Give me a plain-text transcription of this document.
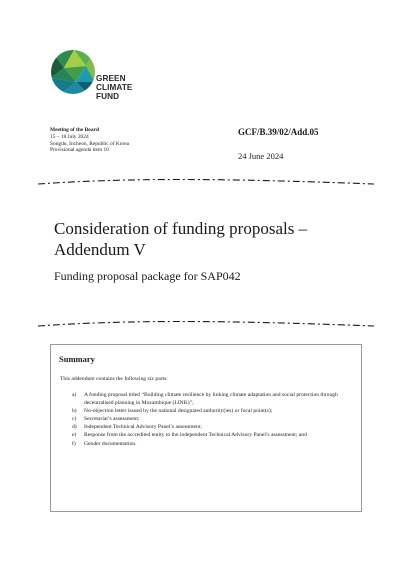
GREEN
CLIMATE
FUND
Meeting of the Board
15 – 18 July 2024
Songdo, Incheon, Republic of Korea
Provisional agenda item 10
GCF/B.39/02/Add.05
24 June 2024
Consideration of funding proposals –
Addendum V
Funding proposal package for SAP042
Summary
This addendum contains the following six parts:
a)	A funding proposal titled “Building climate resilience by linking climate adaptation and social protection through decentralised planning in Mozambique (LINK)”;
b)	No-objection letter issued by the national designated authority(ies) or focal point(s);
c)	Secretariat’s assessment;
d)	Independent Technical Advisory Panel’s assessment;
e)	Response from the accredited entity to the independent Technical Advisory Panel’s assessment; and
f)	Gender documentation.
